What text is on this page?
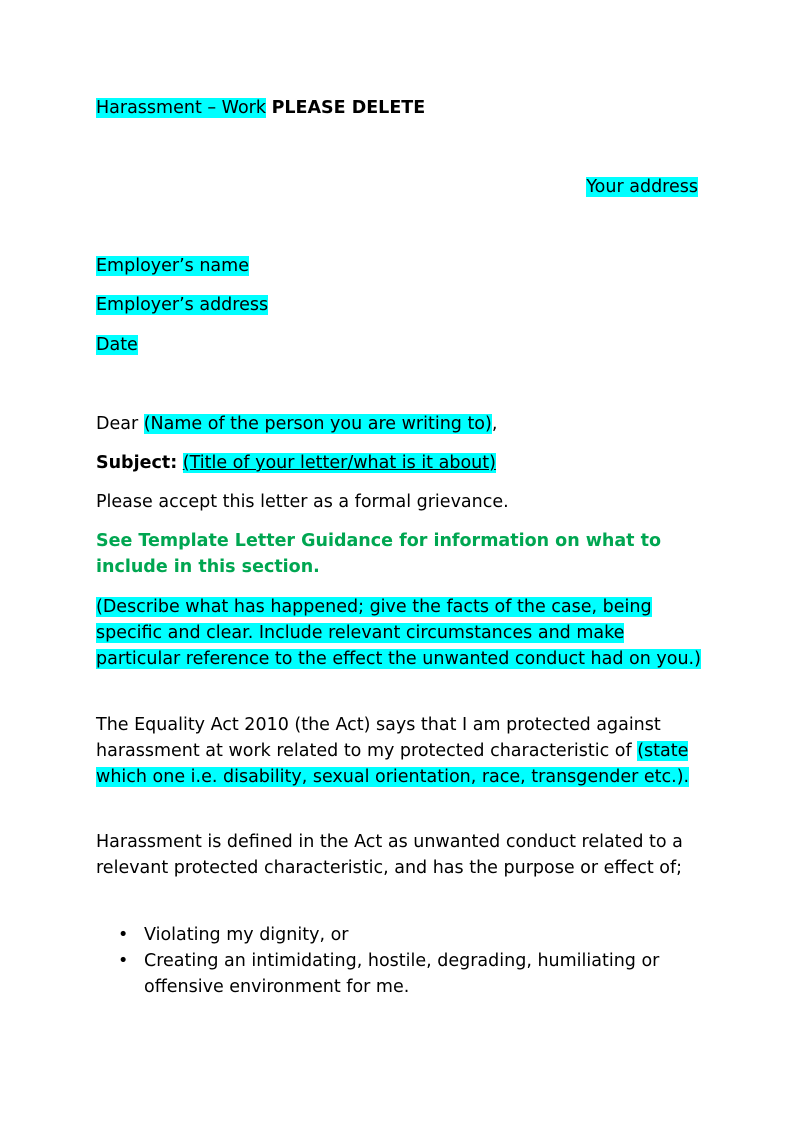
Harassment – Work PLEASE DELETE
Your address
Employer’s name
Employer’s address
Date
Dear (Name of the person you are writing to),
Subject: (Title of your letter/what is it about)
Please accept this letter as a formal grievance.
See Template Letter Guidance for information on what to include in this section.
(Describe what has happened; give the facts of the case, being specific and clear. Include relevant circumstances and make particular reference to the effect the unwanted conduct had on you.)
The Equality Act 2010 (the Act) says that I am protected against harassment at work related to my protected characteristic of (state which one i.e. disability, sexual orientation, race, transgender etc.).
Harassment is defined in the Act as unwanted conduct related to a relevant protected characteristic, and has the purpose or effect of;
• Violating my dignity, or
• Creating an intimidating, hostile, degrading, humiliating or offensive environment for me.
